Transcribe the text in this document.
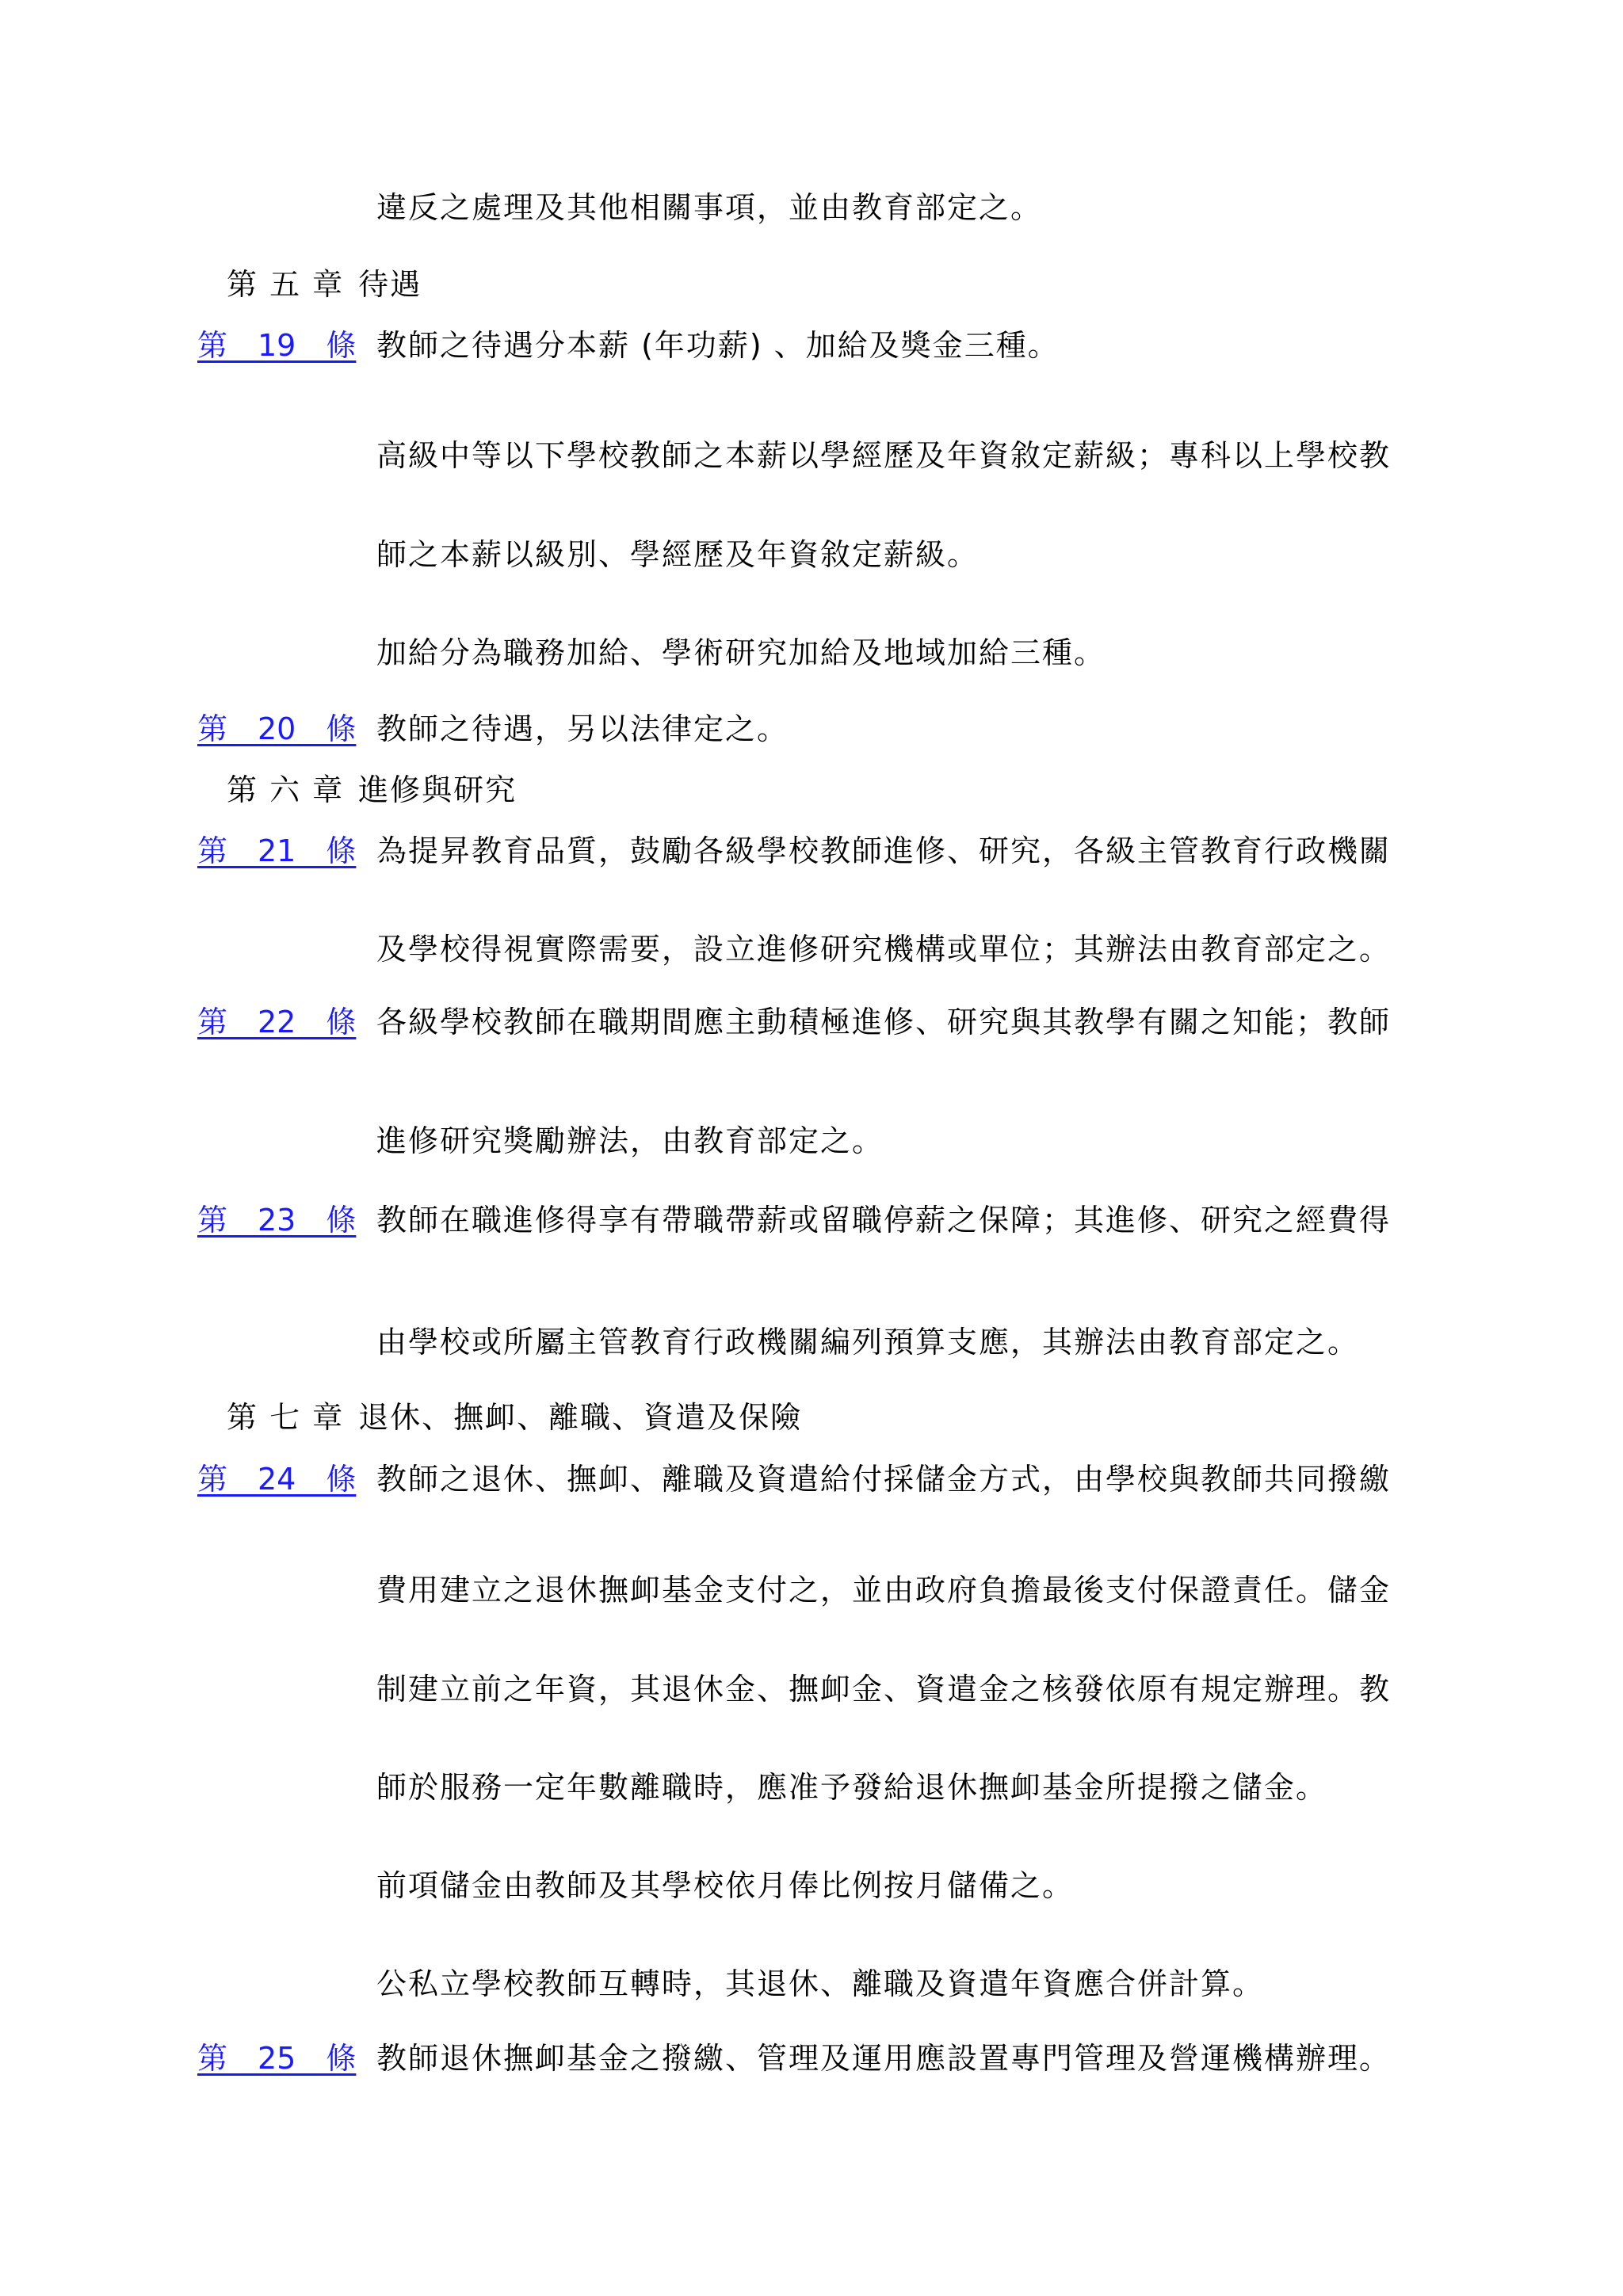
違反之處理及其他相關事項，並由教育部定之。
第 五 章 待遇
第　19　條 教師之待遇分本薪 (年功薪) 、加給及獎金三種。
高級中等以下學校教師之本薪以學經歷及年資敘定薪級；專科以上學校教
師之本薪以級別、學經歷及年資敘定薪級。
加給分為職務加給、學術研究加給及地域加給三種。
第　20　條 教師之待遇，另以法律定之。
第 六 章 進修與研究
第　21　條 為提昇教育品質，鼓勵各級學校教師進修、研究，各級主管教育行政機關
及學校得視實際需要，設立進修研究機構或單位；其辦法由教育部定之。
第　22　條 各級學校教師在職期間應主動積極進修、研究與其教學有關之知能；教師
進修研究獎勵辦法，由教育部定之。
第　23　條 教師在職進修得享有帶職帶薪或留職停薪之保障；其進修、研究之經費得
由學校或所屬主管教育行政機關編列預算支應，其辦法由教育部定之。
第 七 章 退休、撫卹、離職、資遣及保險
第　24　條 教師之退休、撫卹、離職及資遣給付採儲金方式，由學校與教師共同撥繳
費用建立之退休撫卹基金支付之，並由政府負擔最後支付保證責任。儲金
制建立前之年資，其退休金、撫卹金、資遣金之核發依原有規定辦理。教
師於服務一定年數離職時，應准予發給退休撫卹基金所提撥之儲金。
前項儲金由教師及其學校依月俸比例按月儲備之。
公私立學校教師互轉時，其退休、離職及資遣年資應合併計算。
第　25　條 教師退休撫卹基金之撥繳、管理及運用應設置專門管理及營運機構辦理。
